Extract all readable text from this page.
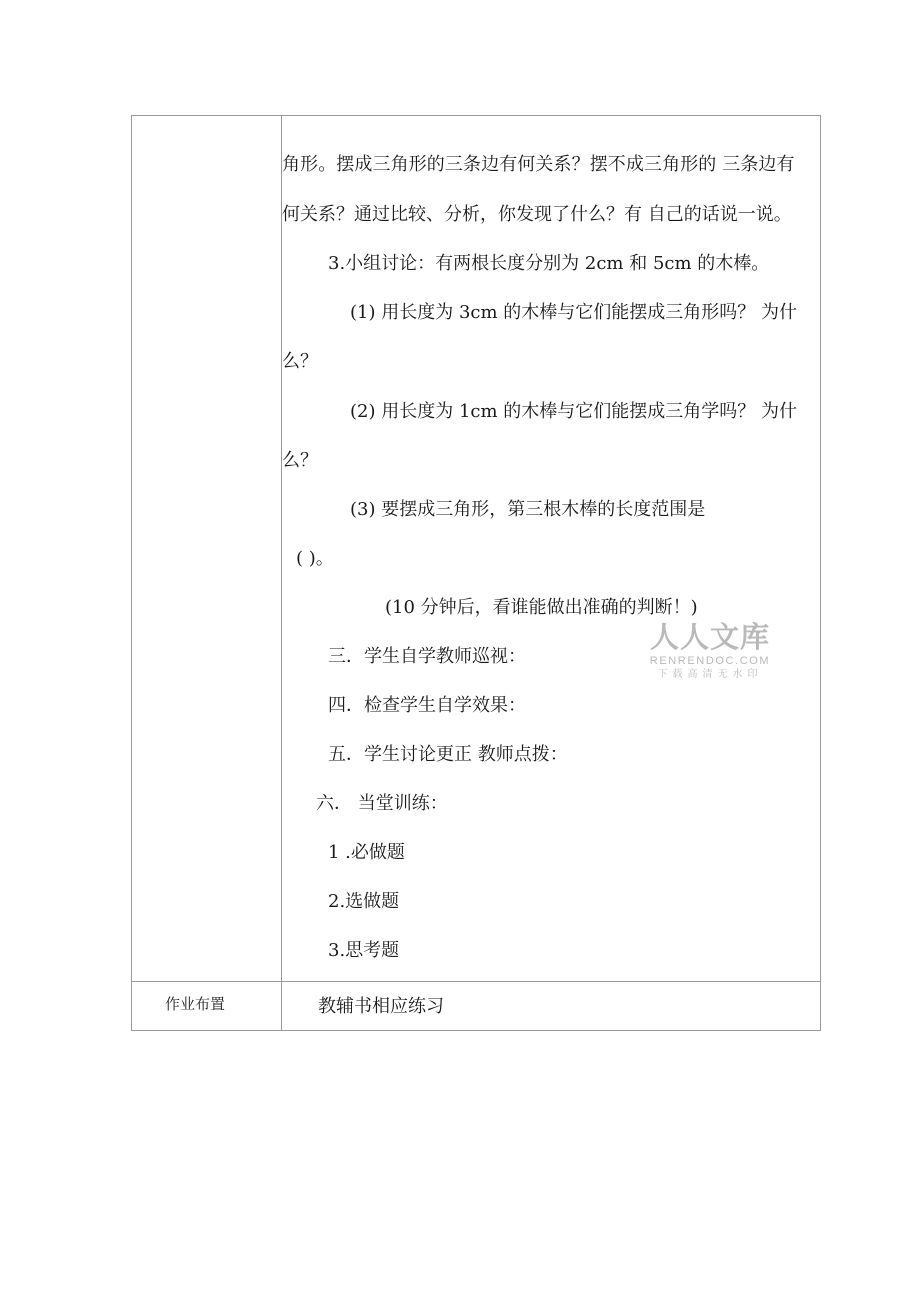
角形。摆成三角形的三条边有何关系？摆不成三角形的 三条边有
何关系？通过比较、分析，你发现了什么？有 自己的话说一说。
3.小组讨论：有两根长度分别为 2cm 和 5cm 的木棒。
(1) 用长度为 3cm 的木棒与它们能摆成三角形吗？ 为什
么？
(2) 用长度为 1cm 的木棒与它们能摆成三角学吗？ 为什
么？
(3) 要摆成三角形，第三根木棒的长度范围是
( )。
(10 分钟后，看谁能做出准确的判断！)
三．学生自学教师巡视：
四．检查学生自学效果：
五．学生讨论更正 教师点拨：
六． 当堂训练：
1 .必做题
2.选做题
3.思考题
作业布置	教辅书相应练习
人人文库
RENRENDOC.COM
下载高清无水印
